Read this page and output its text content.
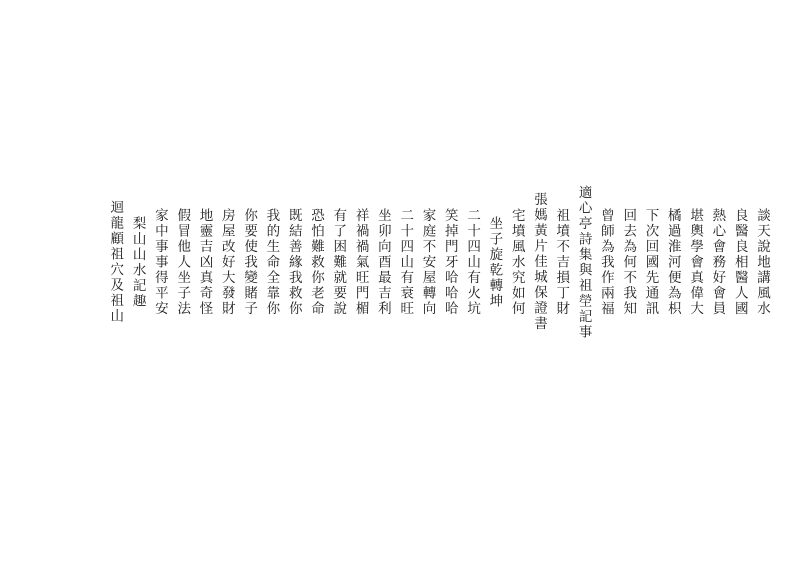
談天說地講風水
良醫良相醫人國
熱心會務好會員
堪輿學會真偉大
橘過淮河便為枳
下次回國先通訊
回去為何不我知
曾師為我作兩福
適心亭詩集與祖塋記事
祖墳不吉損丁財
張媽黃片佳城保證書
宅墳風水究如何
坐子旋乾轉坤
二十四山有火坑
笑掉門牙哈哈哈
家庭不安屋轉向
二十四山有衰旺
坐卯向酉最吉利
祥禍禍氣旺門楣
有了困難就要說
恐怕難救你老命
既結善緣我救你
我的生命全靠你
你要使我變賭子
房屋改好大發財
地靈吉凶真奇怪
假冒他人坐子法
家中事事得平安
梨山山水記趣
迴龍顧祖穴及祖山
